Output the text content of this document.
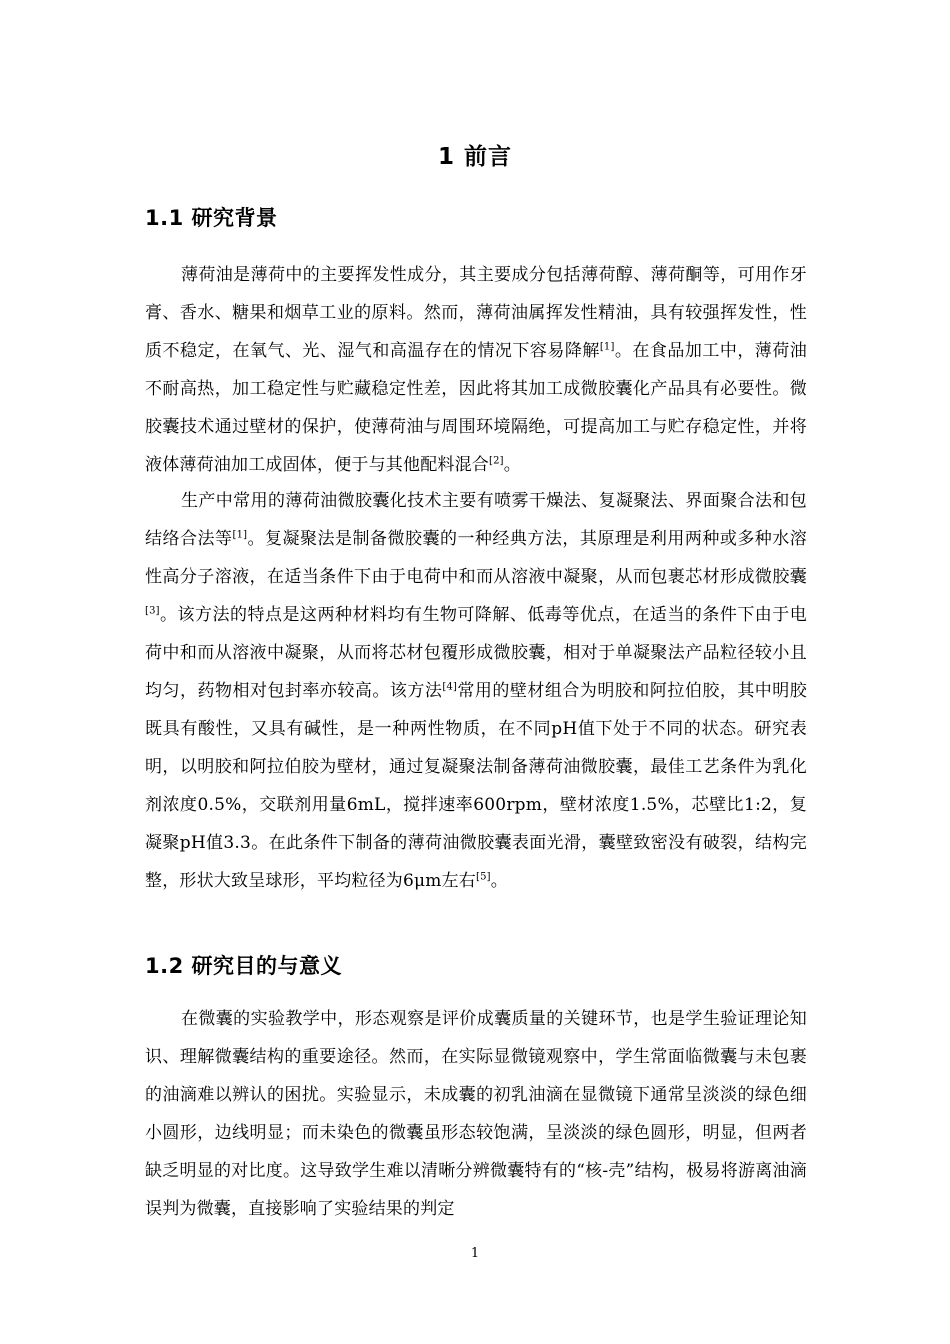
1 前言
1.1 研究背景

薄荷油是薄荷中的主要挥发性成分，其主要成分包括薄荷醇、薄荷酮等，可用作牙膏、香水、糖果和烟草工业的原料。然而，薄荷油属挥发性精油，具有较强挥发性，性质不稳定，在氧气、光、湿气和高温存在的情况下容易降解[1]。在食品加工中，薄荷油不耐高热，加工稳定性与贮藏稳定性差，因此将其加工成微胶囊化产品具有必要性。微胶囊技术通过壁材的保护，使薄荷油与周围环境隔绝，可提高加工与贮存稳定性，并将液体薄荷油加工成固体，便于与其他配料混合[2]。

生产中常用的薄荷油微胶囊化技术主要有喷雾干燥法、复凝聚法、界面聚合法和包结络合法等[1]。复凝聚法是制备微胶囊的一种经典方法，其原理是利用两种或多种水溶性高分子溶液，在适当条件下由于电荷中和而从溶液中凝聚，从而包裹芯材形成微胶囊[3]。该方法的特点是这两种材料均有生物可降解、低毒等优点，在适当的条件下由于电荷中和而从溶液中凝聚，从而将芯材包覆形成微胶囊，相对于单凝聚法产品粒径较小且均匀，药物相对包封率亦较高。该方法[4]常用的壁材组合为明胶和阿拉伯胶，其中明胶既具有酸性，又具有碱性，是一种两性物质，在不同pH值下处于不同的状态。研究表明，以明胶和阿拉伯胶为壁材，通过复凝聚法制备薄荷油微胶囊，最佳工艺条件为乳化剂浓度0.5%，交联剂用量6mL，搅拌速率600rpm，壁材浓度1.5%，芯壁比1:2，复凝聚pH值3.3。在此条件下制备的薄荷油微胶囊表面光滑，囊壁致密没有破裂，结构完整，形状大致呈球形，平均粒径为6μm左右[5]。

1.2 研究目的与意义

在微囊的实验教学中，形态观察是评价成囊质量的关键环节，也是学生验证理论知识、理解微囊结构的重要途径。然而，在实际显微镜观察中，学生常面临微囊与未包裹的油滴难以辨认的困扰。实验显示，未成囊的初乳油滴在显微镜下通常呈淡淡的绿色细小圆形，边线明显；而未染色的微囊虽形态较饱满，呈淡淡的绿色圆形，明显，但两者缺乏明显的对比度。这导致学生难以清晰分辨微囊特有的“核-壳”结构，极易将游离油滴误判为微囊，直接影响了实验结果的判定

1
